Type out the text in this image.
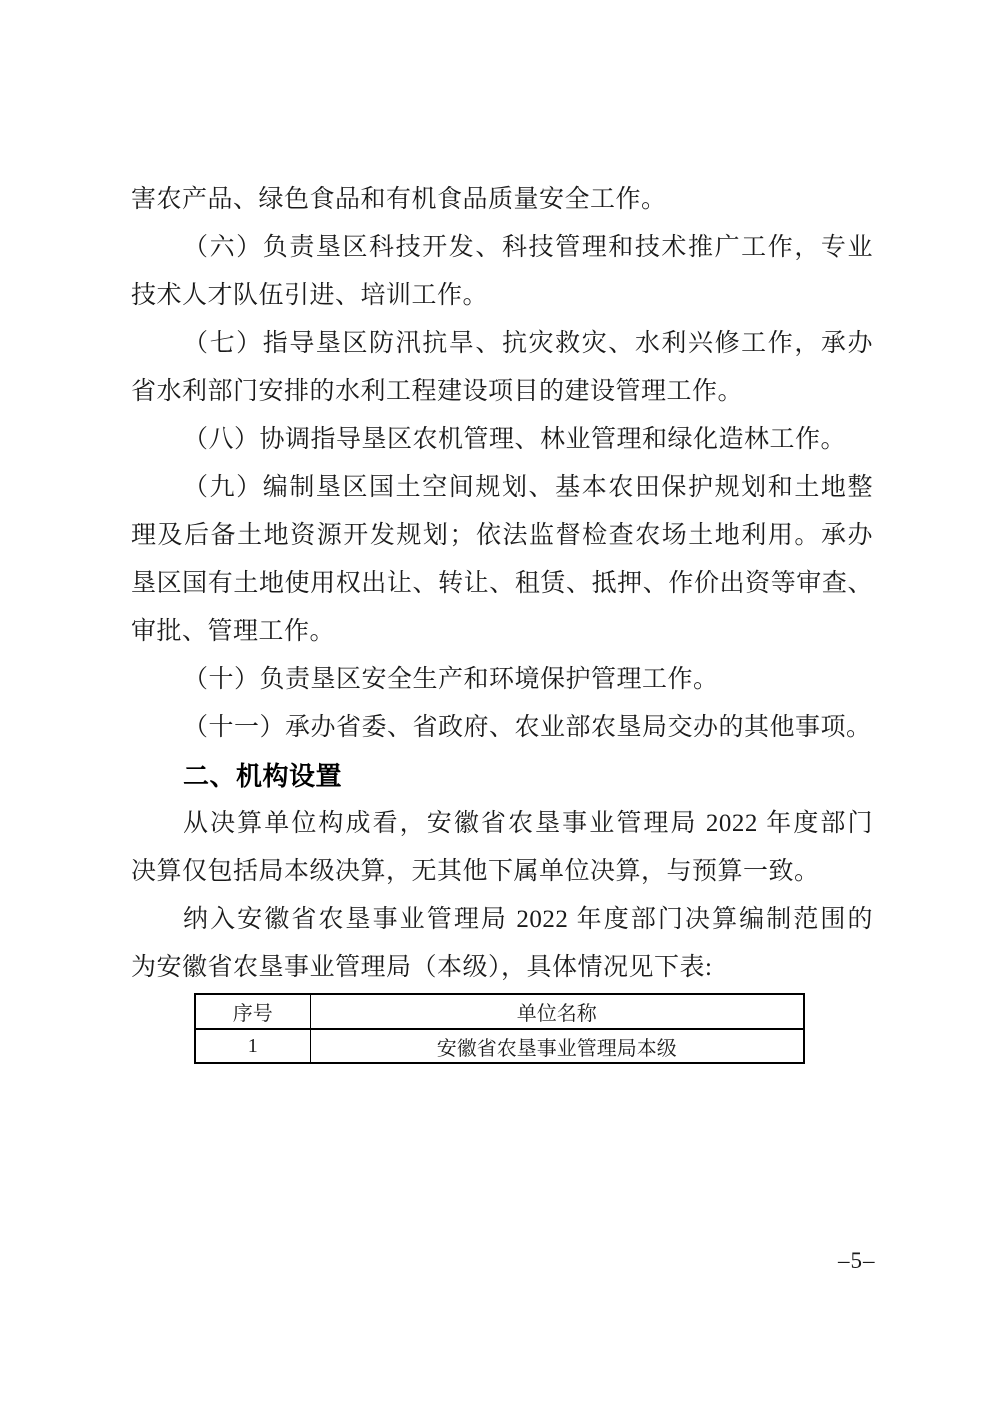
害农产品、绿色食品和有机食品质量安全工作。
（六）负责垦区科技开发、科技管理和技术推广工作，专业
技术人才队伍引进、培训工作。
（七）指导垦区防汛抗旱、抗灾救灾、水利兴修工作，承办
省水利部门安排的水利工程建设项目的建设管理工作。
（八）协调指导垦区农机管理、林业管理和绿化造林工作。
（九）编制垦区国土空间规划、基本农田保护规划和土地整
理及后备土地资源开发规划；依法监督检查农场土地利用。承办
垦区国有土地使用权出让、转让、租赁、抵押、作价出资等审查、
审批、管理工作。
（十）负责垦区安全生产和环境保护管理工作。
（十一）承办省委、省政府、农业部农垦局交办的其他事项。
二、机构设置
从决算单位构成看，安徽省农垦事业管理局 2022 年度部门
决算仅包括局本级决算，无其他下属单位决算，与预算一致。
纳入安徽省农垦事业管理局 2022 年度部门决算编制范围的
为安徽省农垦事业管理局（本级），具体情况见下表:
序号	单位名称
1	安徽省农垦事业管理局本级
–5–
